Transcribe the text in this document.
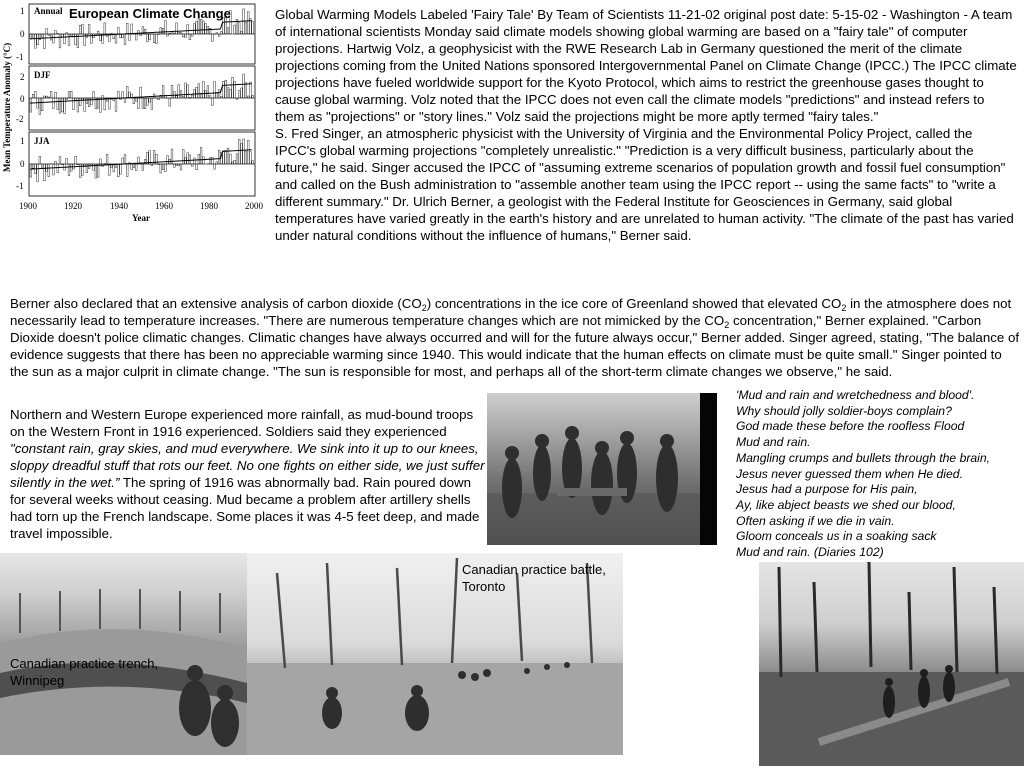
Mean Temperature Anomaly (°C)
Annual
DJF
JJA
1
0
-1
2
0
-2
1
0
-1
1900	1920	1940	1960	1980	2000
Year
European Climate Change	Global Warming Models Labeled 'Fairy Tale' By Team of Scientists 11-21-02 original post date: 5-15-02 - Washington - A team of international scientists Monday said climate models showing global warming are based on a "fairy tale" of computer projections. Hartwig Volz, a geophysicist with the RWE Research Lab in Germany questioned the merit of the climate projections coming from the United Nations sponsored Intergovernmental Panel on Climate Change (IPCC.) The IPCC climate projections have fueled worldwide support for the Kyoto Protocol, which aims to restrict the greenhouse gases thought to cause global warming. Volz noted that the IPCC does not even call the climate models "predictions" and instead refers to them as "projections" or "story lines." Volz said the projections might be more aptly termed "fairy tales."
S. Fred Singer, an atmospheric physicist with the University of Virginia and the Environmental Policy Project, called the IPCC's global warming projections "completely unrealistic." "Prediction is a very difficult business, particularly about the future," he said. Singer accused the IPCC of "assuming extreme scenarios of population growth and fossil fuel consumption" and called on the Bush administration to "assemble another team using the IPCC report -- using the same facts" to "write a different summary." Dr. Ulrich Berner, a geologist with the Federal Institute for Geosciences in Germany, said global temperatures have varied greatly in the earth's history and are unrelated to human activity. "The climate of the past has varied under natural conditions without the influence of humans," Berner said.
Berner also declared that an extensive analysis of carbon dioxide $(CO_2)$ concentrations in the ice core of Greenland showed that elevated $CO_2$ in the atmosphere does not necessarily lead to temperature increases. "There are numerous temperature changes which are not mimicked by the $CO_2$ concentration," Berner explained. "Carbon Dioxide doesn't police climatic changes. Climatic changes have always occurred and will for the future always occur," Berner added. Singer agreed, stating, "The balance of evidence suggests that there has been no appreciable warming since 1940. This would indicate that the human effects on climate must be quite small." Singer pointed to the sun as a major culprit in climate change. "The sun is responsible for most, and perhaps all of the short-term climate changes we observe," he said.
Northern and Western Europe experienced more rainfall, as mud-bound troops on the Western Front in 1916 experienced. Soldiers said they experienced "constant rain, gray skies, and mud everywhere. We sink into it up to our knees, sloppy dreadful stuff that rots our feet. No one fights on either side, we just suffer silently in the wet.” The spring of 1916 was abnormally bad. Rain poured down for several weeks without ceasing. Mud became a problem after artillery shells had torn up the French landscape. Some places it was 4-5 feet deep, and made travel impossible.
'Mud and rain and wretchedness and blood'.
Why should jolly soldier-boys complain?
God made these before the roofless Flood
Mud and rain.
Mangling crumps and bullets through the brain,
Jesus never guessed them when He died.
Jesus had a purpose for His pain,
Ay, like abject beasts we shed our blood,
Often asking if we die in vain.
Gloom conceals us in a soaking sack
Mud and rain. (Diaries 102)
Canadian practice trench, Winnipeg
Canadian practice battle, Toronto
